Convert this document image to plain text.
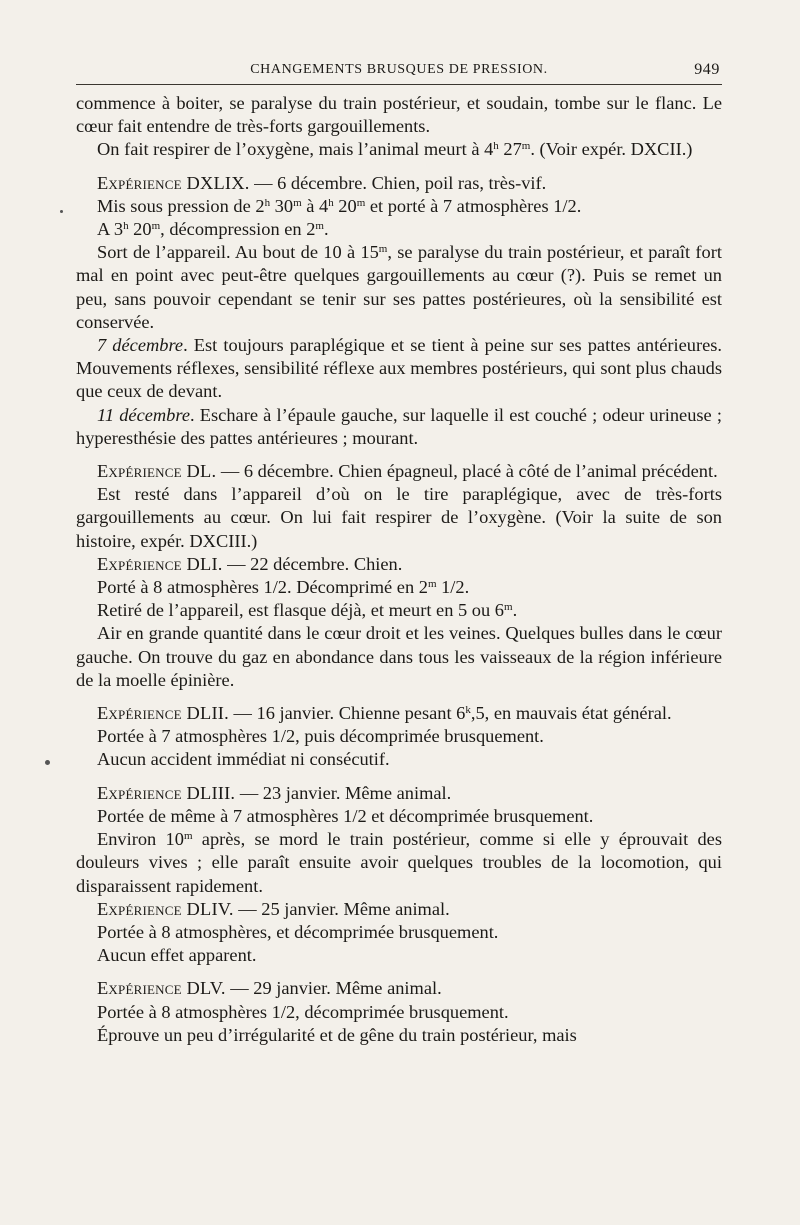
CHANGEMENTS BRUSQUES DE PRESSION.	949

commence à boiter, se paralyse du train postérieur, et soudain, tombe sur le flanc. Le cœur fait entendre de très-forts gargouillements.

On fait respirer de l’oxygène, mais l’animal meurt à 4$^h$ 27$^m$. (Voir expér. DXCII.)

Expérience DXLIX. — 6 décembre. Chien, poil ras, très-vif.

Mis sous pression de 2$^h$ 30$^m$ à 4$^h$ 20$^m$ et porté à 7 atmosphères 1/2.

A 3$^h$ 20$^m$, décompression en 2$^m$.

Sort de l’appareil. Au bout de 10 à 15$^m$, se paralyse du train postérieur, et paraît fort mal en point avec peut-être quelques gargouillements au cœur (?). Puis se remet un peu, sans pouvoir cependant se tenir sur ses pattes postérieures, où la sensibilité est conservée.

7 décembre. Est toujours paraplégique et se tient à peine sur ses pattes antérieures. Mouvements réflexes, sensibilité réflexe aux membres postérieurs, qui sont plus chauds que ceux de devant.

11 décembre. Eschare à l’épaule gauche, sur laquelle il est couché ; odeur urineuse ; hyperesthésie des pattes antérieures ; mourant.

Expérience DL. — 6 décembre. Chien épagneul, placé à côté de l’animal précédent.

Est resté dans l’appareil d’où on le tire paraplégique, avec de très-forts gargouillements au cœur. On lui fait respirer de l’oxygène. (Voir la suite de son histoire, expér. DXCIII.)

Expérience DLI. — 22 décembre. Chien.

Porté à 8 atmosphères 1/2. Décomprimé en 2$^m$ 1/2.

Retiré de l’appareil, est flasque déjà, et meurt en 5 ou 6$^m$.

Air en grande quantité dans le cœur droit et les veines. Quelques bulles dans le cœur gauche. On trouve du gaz en abondance dans tous les vaisseaux de la région inférieure de la moelle épinière.

Expérience DLII. — 16 janvier. Chienne pesant 6$^k$,5, en mauvais état général.

Portée à 7 atmosphères 1/2, puis décomprimée brusquement.

Aucun accident immédiat ni consécutif.

Expérience DLIII. — 23 janvier. Même animal.

Portée de même à 7 atmosphères 1/2 et décomprimée brusquement.

Environ 10$^m$ après, se mord le train postérieur, comme si elle y éprouvait des douleurs vives ; elle paraît ensuite avoir quelques troubles de la locomotion, qui disparaissent rapidement.

Expérience DLIV. — 25 janvier. Même animal.

Portée à 8 atmosphères, et décomprimée brusquement.

Aucun effet apparent.

Expérience DLV. — 29 janvier. Même animal.

Portée à 8 atmosphères 1/2, décomprimée brusquement.

Éprouve un peu d’irrégularité et de gêne du train postérieur, mais
